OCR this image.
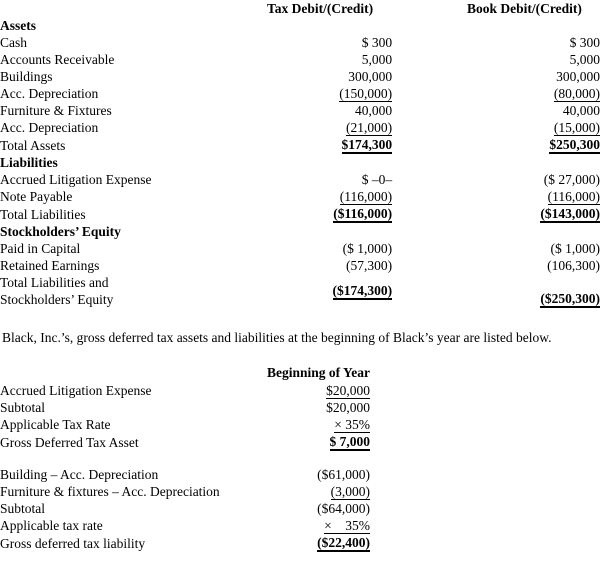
	Tax Debit/(Credit)		Book Debit/(Credit)
Assets			
Cash	$ 300		$ 300
Accounts Receivable	5,000		5,000
Buildings	300,000		300,000
Acc. Depreciation	(150,000)		(80,000)
Furniture & Fixtures	40,000		40,000
Acc. Depreciation	(21,000)		(15,000)
Total Assets	$174,300		$250,300
Liabilities			
Accrued Litigation Expense	$ –0–		($ 27,000)
Note Payable	(116,000)		(116,000)
Total Liabilities	($116,000)		($143,000)
Stockholders’ Equity			
Paid in Capital	($ 1,000)		($ 1,000)
Retained Earnings	(57,300)		(106,300)
Total Liabilities and
Stockholders’ Equity	($174,300)		($250,300)
Black, Inc.’s, gross deferred tax assets and liabilities at the beginning of Black’s year are listed below.
	Beginning of Year	
Accrued Litigation Expense	$20,000	
Subtotal	$20,000	
Applicable Tax Rate	× 35%	
Gross Deferred Tax Asset	$ 7,000	
Building – Acc. Depreciation	($61,000)	
Furniture & fixtures – Acc. Depreciation	(3,000)	
Subtotal	($64,000)	
Applicable tax rate	×    35%	
Gross deferred tax liability	($22,400)	
